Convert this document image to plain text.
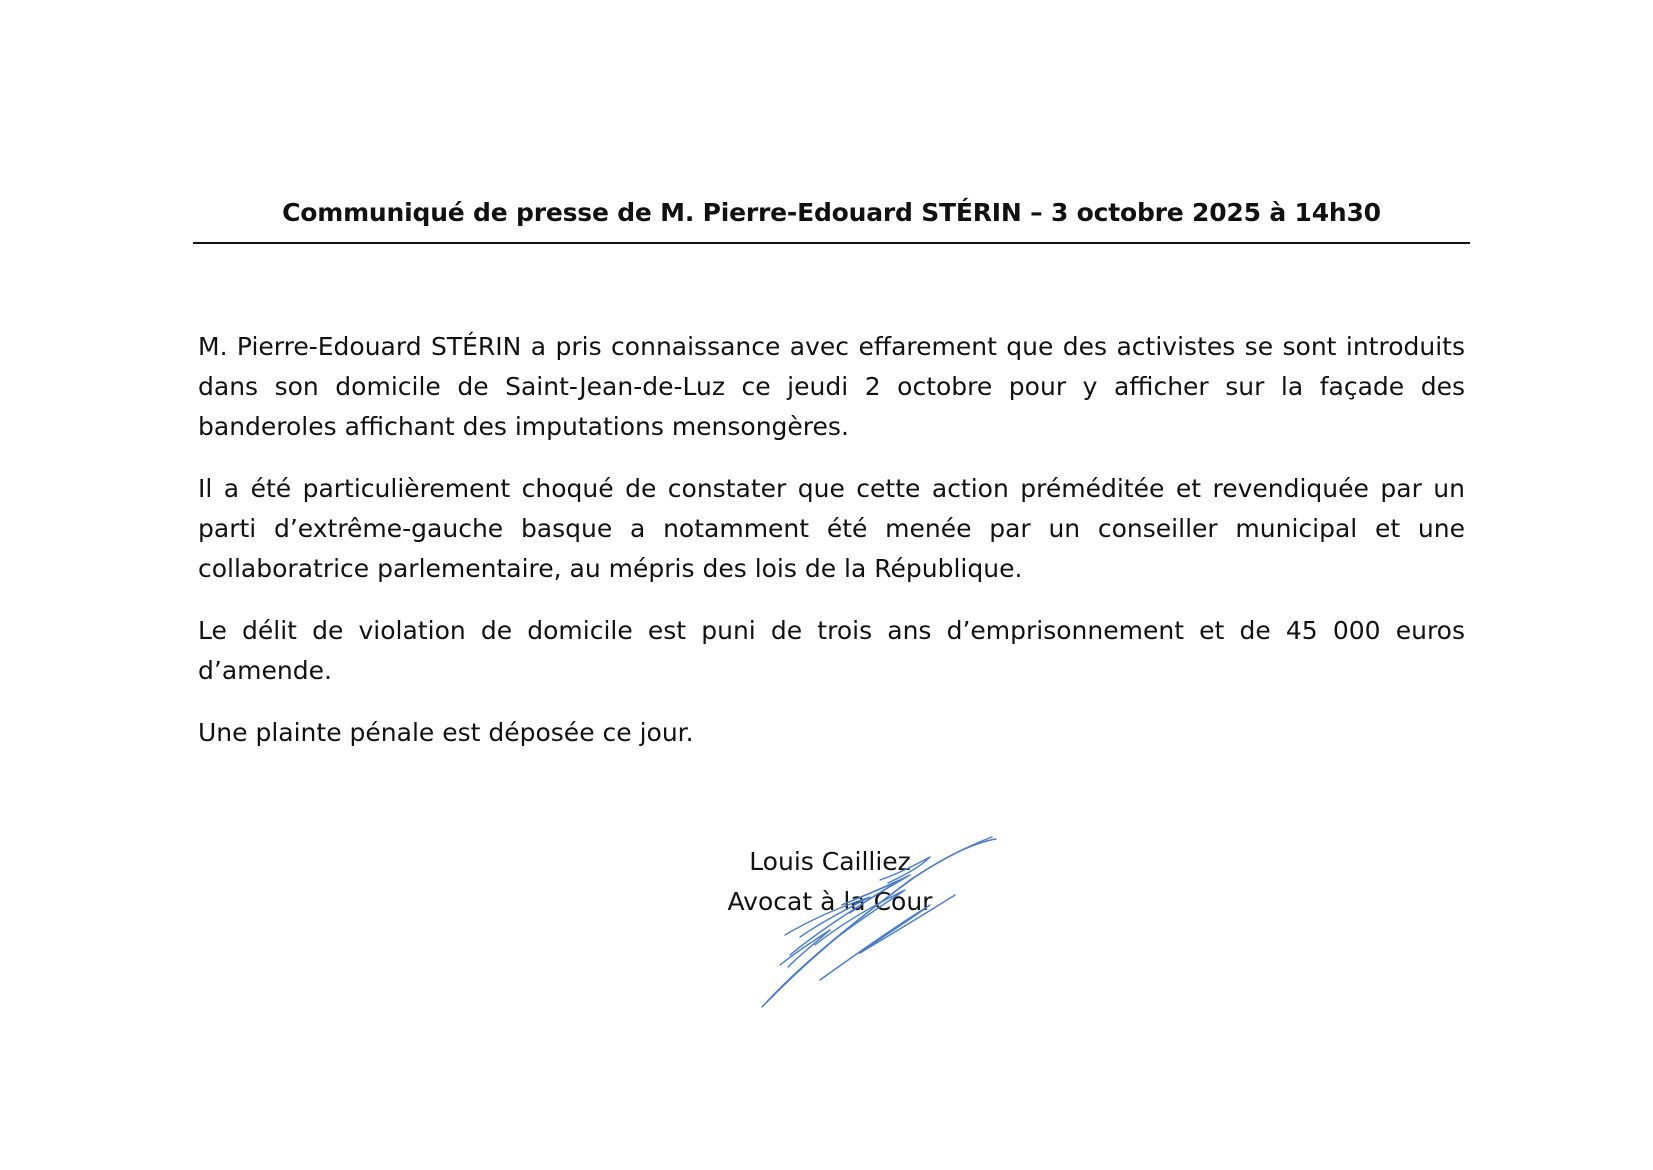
Communiqué de presse de M. Pierre-Edouard STÉRIN – 3 octobre 2025 à 14h30

M. Pierre-Edouard STÉRIN a pris connaissance avec effarement que des activistes se sont introduits dans son domicile de Saint-Jean-de-Luz ce jeudi 2 octobre pour y afficher sur la façade des banderoles affichant des imputations mensongères.

Il a été particulièrement choqué de constater que cette action préméditée et revendiquée par un parti d’extrême-gauche basque a notamment été menée par un conseiller municipal et une collaboratrice parlementaire, au mépris des lois de la République.

Le délit de violation de domicile est puni de trois ans d’emprisonnement et de 45 000 euros d’amende.

Une plainte pénale est déposée ce jour.

Louis Cailliez
Avocat à la Cour
